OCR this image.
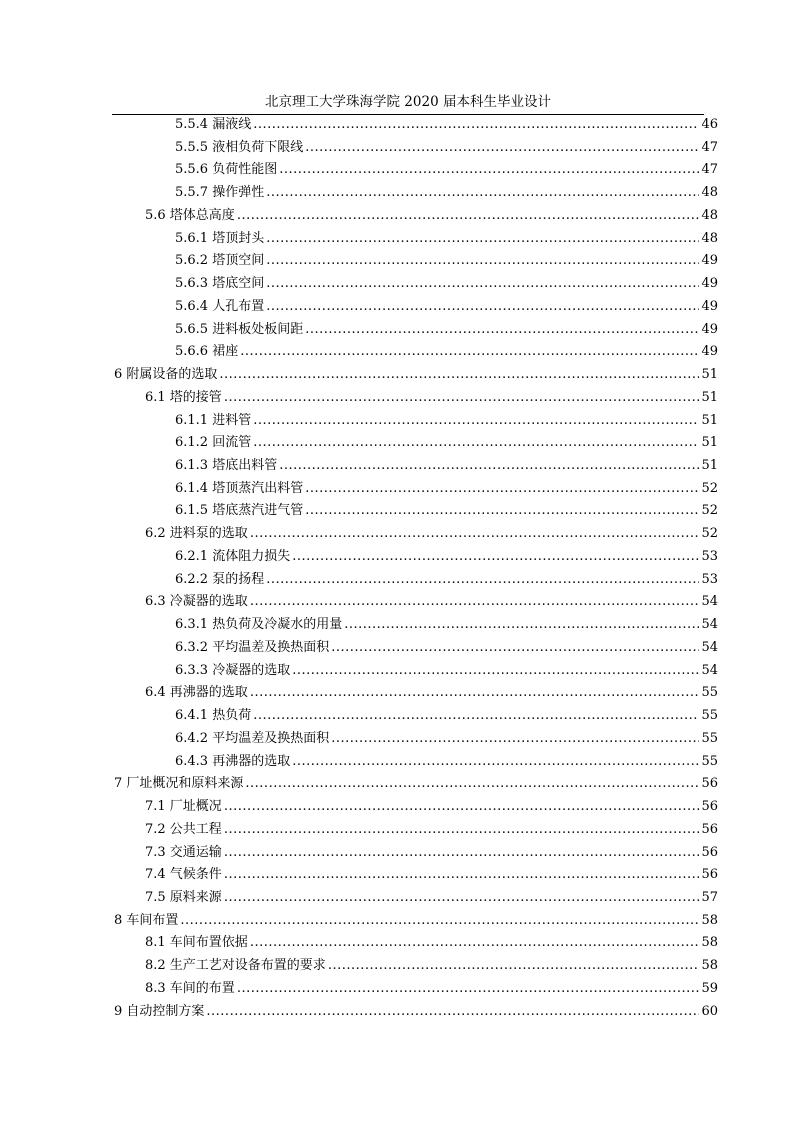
北京理工大学珠海学院 2020 届本科生毕业设计
5.5.4 漏液线 .....	46
5.5.5 液相负荷下限线 .....	47
5.5.6 负荷性能图 .....	47
5.5.7 操作弹性 .....	48
5.6 塔体总高度 .....	48
5.6.1 塔顶封头 .....	48
5.6.2 塔顶空间 .....	49
5.6.3 塔底空间 .....	49
5.6.4 人孔布置 .....	49
5.6.5 进料板处板间距 .....	49
5.6.6 裙座 .....	49
6 附属设备的选取 .....	51
6.1 塔的接管 .....	51
6.1.1 进料管 .....	51
6.1.2 回流管 .....	51
6.1.3 塔底出料管 .....	51
6.1.4 塔顶蒸汽出料管 .....	52
6.1.5 塔底蒸汽进气管 .....	52
6.2 进料泵的选取 .....	52
6.2.1 流体阻力损失 .....	53
6.2.2 泵的扬程 .....	53
6.3 冷凝器的选取 .....	54
6.3.1 热负荷及冷凝水的用量 .....	54
6.3.2 平均温差及换热面积 .....	54
6.3.3 冷凝器的选取 .....	54
6.4 再沸器的选取 .....	55
6.4.1 热负荷 .....	55
6.4.2 平均温差及换热面积 .....	55
6.4.3 再沸器的选取 .....	55
7 厂址概况和原料来源 .....	56
7.1 厂址概况 .....	56
7.2 公共工程 .....	56
7.3 交通运输 .....	56
7.4 气候条件 .....	56
7.5 原料来源 .....	57
8 车间布置 .....	58
8.1 车间布置依据 .....	58
8.2 生产工艺对设备布置的要求 .....	58
8.3 车间的布置 .....	59
9 自动控制方案 .....	60
